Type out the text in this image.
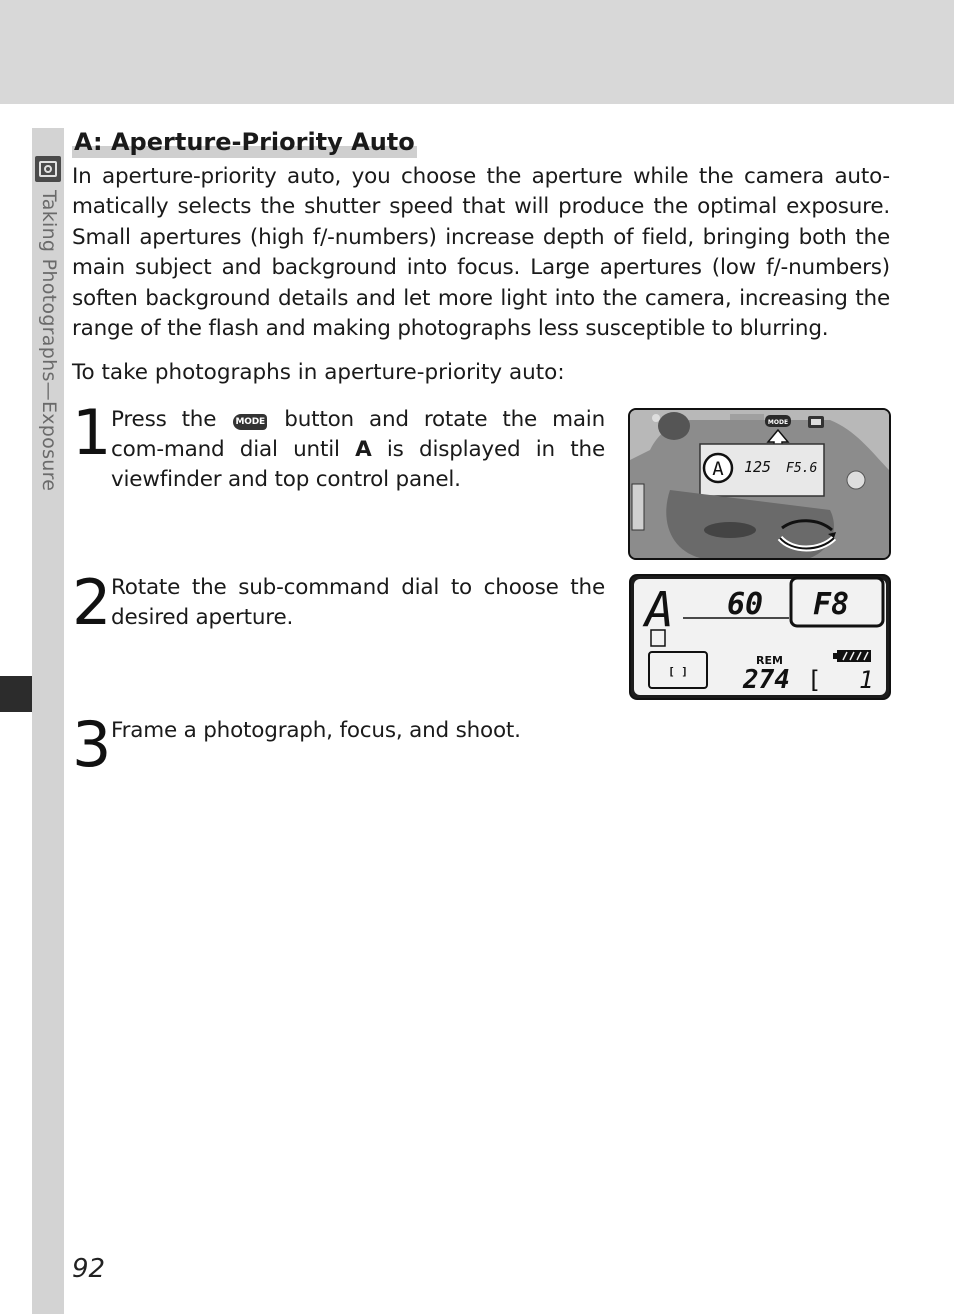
Taking Photographs—Exposure
A: Aperture-Priority Auto

In aperture-priority auto, you choose the aperture while the camera auto-matically selects the shutter speed that will produce the optimal exposure. Small apertures (high f/-numbers) increase depth of field, bringing both the main subject and background into focus. Large apertures (low f/-numbers) soften background details and let more light into the camera, increasing the range of the flash and making photographs less susceptible to blurring.

To take photographs in aperture-priority auto:

1 Press the MODE button and rotate the main com-mand dial until A is displayed in the viewfinder and top control panel.

2 Rotate the sub-command dial to choose the desired aperture.

3 Frame a photograph, focus, and shoot.

MODE
A 125 F5.6
A 60 F8
[ ]
REM
274 [ 1
92
